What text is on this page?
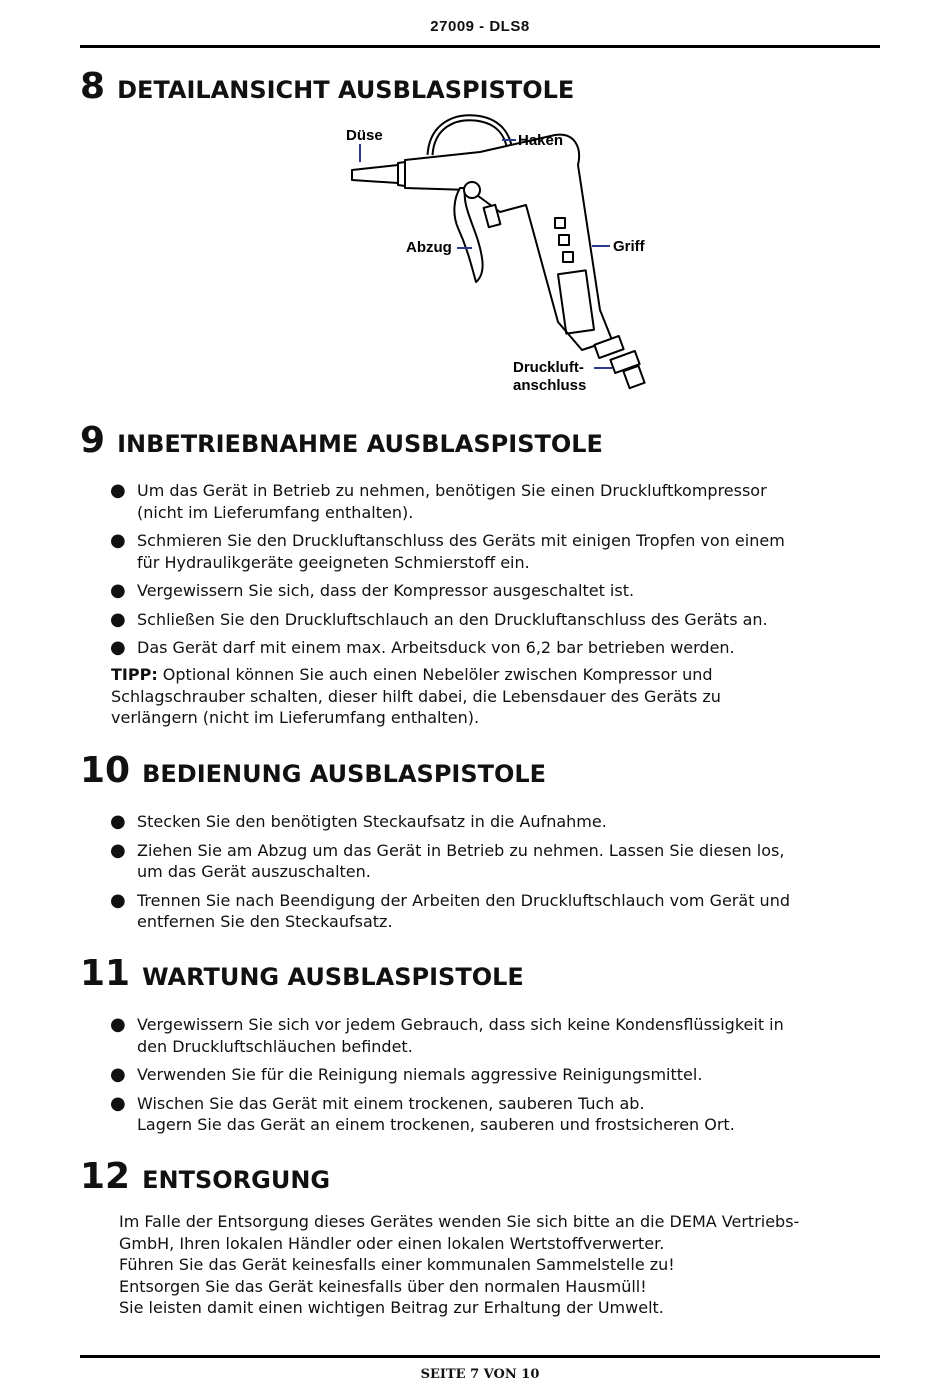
27009 - DLS8
8 DETAILANSICHT AUSBLASPISTOLE
Düse	Haken
Abzug	Griff
Druckluft-
anschluss
9 INBETRIEBNAHME AUSBLASPISTOLE
● Um das Gerät in Betrieb zu nehmen, benötigen Sie einen Druckluftkompressor
(nicht im Lieferumfang enthalten).
● Schmieren Sie den Druckluftanschluss des Geräts mit einigen Tropfen von einem
für Hydraulikgeräte geeigneten Schmierstoff ein.
● Vergewissern Sie sich, dass der Kompressor ausgeschaltet ist.
● Schließen Sie den Druckluftschlauch an den Druckluftanschluss des Geräts an.
● Das Gerät darf mit einem max. Arbeitsduck von 6,2 bar betrieben werden.

TIPP: Optional können Sie auch einen Nebelöler zwischen Kompressor und
Schlagschrauber schalten, dieser hilft dabei, die Lebensdauer des Geräts zu
verlängern (nicht im Lieferumfang enthalten).

10 BEDIENUNG AUSBLASPISTOLE
● Stecken Sie den benötigten Steckaufsatz in die Aufnahme.
● Ziehen Sie am Abzug um das Gerät in Betrieb zu nehmen. Lassen Sie diesen los,
um das Gerät auszuschalten.
● Trennen Sie nach Beendigung der Arbeiten den Druckluftschlauch vom Gerät und
entfernen Sie den Steckaufsatz.
11 WARTUNG AUSBLASPISTOLE
● Vergewissern Sie sich vor jedem Gebrauch, dass sich keine Kondensflüssigkeit in
den Druckluftschläuchen befindet.
● Verwenden Sie für die Reinigung niemals aggressive Reinigungsmittel.
● Wischen Sie das Gerät mit einem trockenen, sauberen Tuch ab.
Lagern Sie das Gerät an einem trockenen, sauberen und frostsicheren Ort.
12 ENTSORGUNG
Im Falle der Entsorgung dieses Gerätes wenden Sie sich bitte an die DEMA Vertriebs-
GmbH, Ihren lokalen Händler oder einen lokalen Wertstoffverwerter.
Führen Sie das Gerät keinesfalls einer kommunalen Sammelstelle zu!
Entsorgen Sie das Gerät keinesfalls über den normalen Hausmüll!
Sie leisten damit einen wichtigen Beitrag zur Erhaltung der Umwelt.
SEITE 7 VON 10
